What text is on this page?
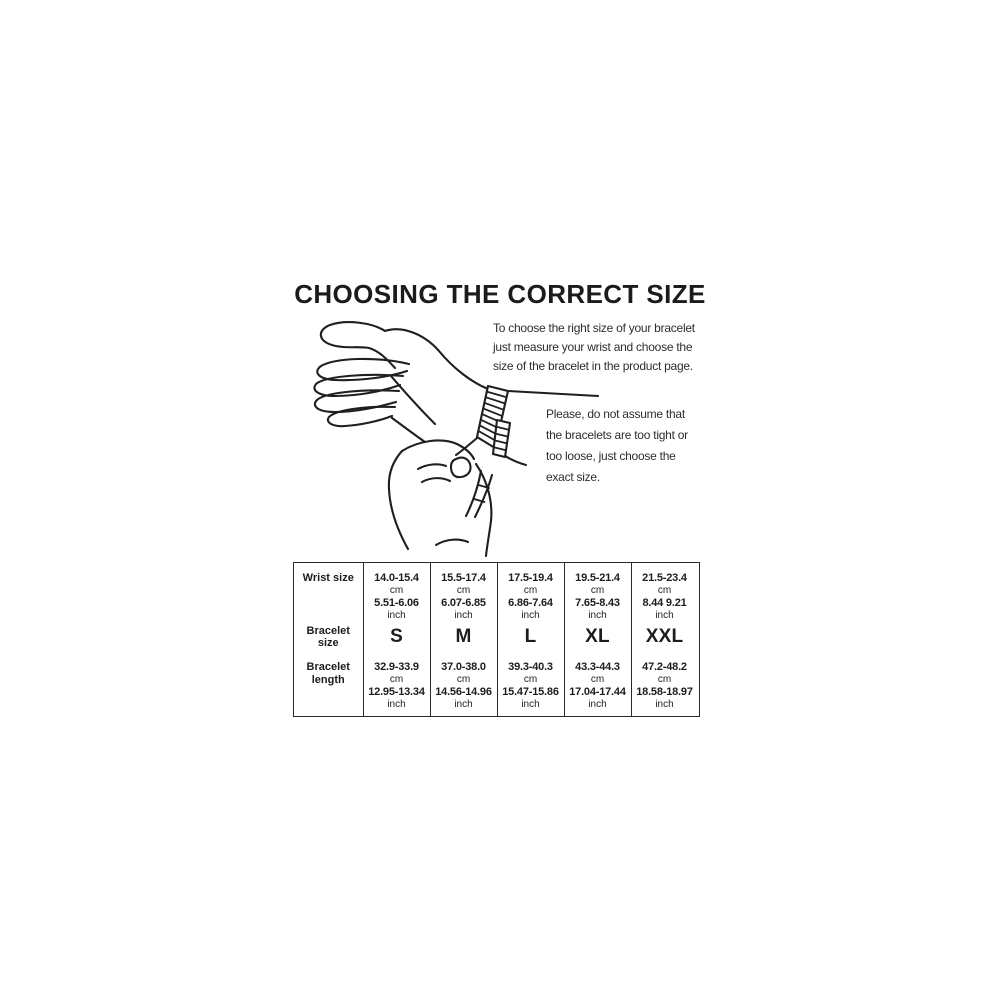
CHOOSING THE CORRECT SIZE
To choose the right size of your bracelet
just measure your wrist and choose the
size of the bracelet in the product page.
Please, do not assume that
the bracelets are too tight or
too loose, just choose the
exact size.
Wrist size
Bracelet size
Bracelet length
14.0-15.4
cm
5.51-6.06
inch
S
32.9-33.9
cm
12.95-13.34
inch
15.5-17.4
cm
6.07-6.85
inch
M
37.0-38.0
cm
14.56-14.96
inch
17.5-19.4
cm
6.86-7.64
inch
L
39.3-40.3
cm
15.47-15.86
inch
19.5-21.4
cm
7.65-8.43
inch
XL
43.3-44.3
cm
17.04-17.44
inch
21.5-23.4
cm
8.44 9.21
inch
XXL
47.2-48.2
cm
18.58-18.97
inch
